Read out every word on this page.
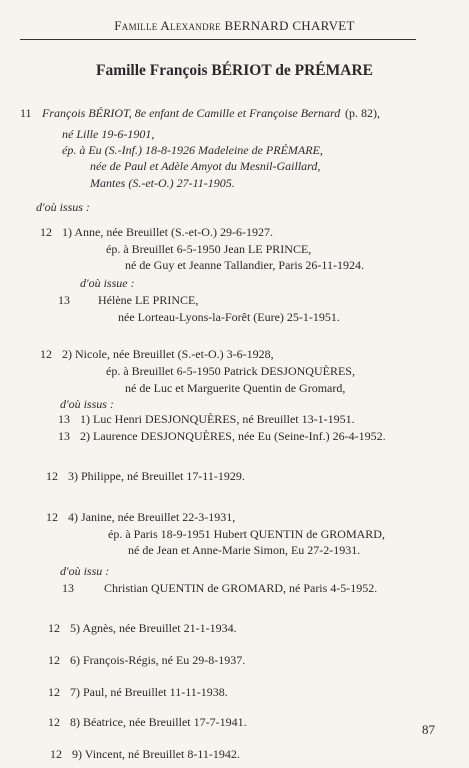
Famille Alexandre BERNARD CHARVET
Famille François BÉRIOT de PRÉMARE
11 François BÉRIOT, 8e enfant de Camille et Françoise Bernard (p. 82),
né Lille 19-6-1901,
ép. à Eu (S.-Inf.) 18-8-1926 Madeleine de PRÉMARE,
née de Paul et Adèle Amyot du Mesnil-Gaillard,
Mantes (S.-et-O.) 27-11-1905.
d'où issus :
12 1) Anne, née Breuillet (S.-et-O.) 29-6-1927.
ép. à Breuillet 6-5-1950 Jean LE PRINCE,
né de Guy et Jeanne Tallandier, Paris 26-11-1924.
d'où issue :
13 Hélène LE PRINCE,
née Lorteau-Lyons-la-Forêt (Eure) 25-1-1951.
12 2) Nicole, née Breuillet (S.-et-O.) 3-6-1928,
ép. à Breuillet 6-5-1950 Patrick DESJONQUÈRES,
né de Luc et Marguerite Quentin de Gromard,
d'où issus :
13 1) Luc Henri DESJONQUÈRES, né Breuillet 13-1-1951.
13 2) Laurence DESJONQUÈRES, née Eu (Seine-Inf.) 26-4-1952.
12 3) Philippe, né Breuillet 17-11-1929.
12 4) Janine, née Breuillet 22-3-1931,
ép. à Paris 18-9-1951 Hubert QUENTIN de GROMARD,
né de Jean et Anne-Marie Simon, Eu 27-2-1931.
d'où issu :
13	Christian QUENTIN de GROMARD, né Paris 4-5-1952.
12 5) Agnès, née Breuillet 21-1-1934.
12 6) François-Régis, né Eu 29-8-1937.
12 7) Paul, né Breuillet 11-11-1938.
12 8) Béatrice, née Breuillet 17-7-1941.
12 9) Vincent, né Breuillet 8-11-1942.
87
